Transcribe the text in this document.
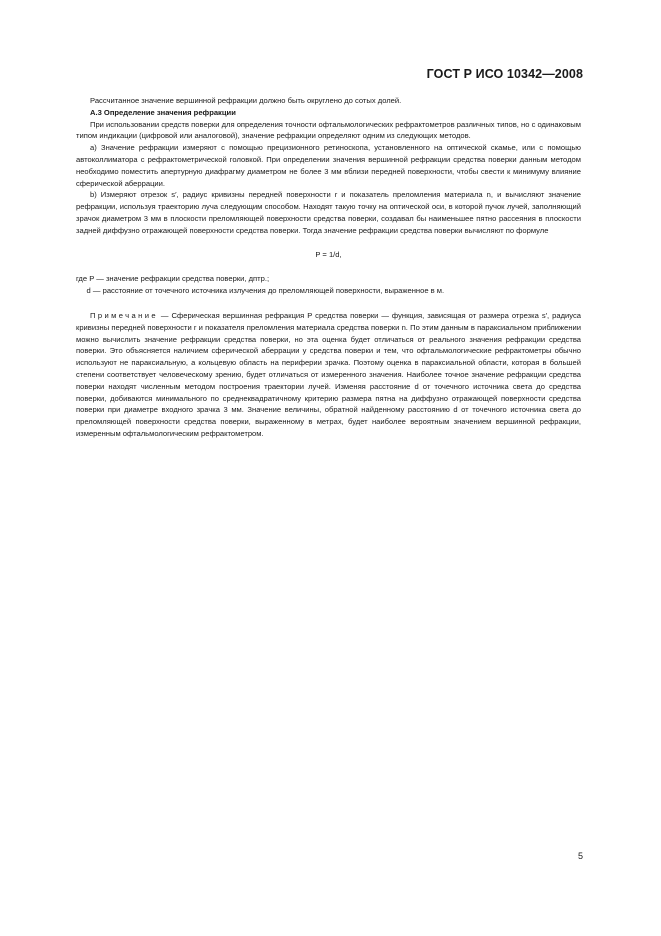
ГОСТ Р ИСО 10342—2008

Рассчитанное значение вершинной рефракции должно быть округлено до сотых долей.

А.3 Определение значения рефракции

При использовании средств поверки для определения точности офтальмологических рефрактометров различных типов, но с одинаковым типом индикации (цифровой или аналоговой), значение рефракции определяют одним из следующих методов.

а) Значение рефракции измеряют с помощью прецизионного ретиноскопа, установленного на оптической скамье, или с помощью автоколлиматора с рефрактометрической головкой. При определении значения вершинной рефракции средства поверки данным методом необходимо поместить апертурную диафрагму диаметром не более 3 мм вблизи передней поверхности, чтобы свести к минимуму влияние сферической аберрации.

b) Измеряют отрезок s′, радиус кривизны передней поверхности r и показатель преломления материала n, и вычисляют значение рефракции, используя траекторию луча следующим способом. Находят такую точку на оптической оси, в которой пучок лучей, заполняющий зрачок диаметром 3 мм в плоскости преломляющей поверхности средства поверки, создавал бы наименьшее пятно рассеяния в плоскости задней диффузно отражающей поверхности средства поверки. Тогда значение рефракции средства поверки вычисляют по формуле

P = 1/d,

где P — значение рефракции средства поверки, дптр.;
d — расстояние от точечного источника излучения до преломляющей поверхности, выраженное в м.

Примечание — Сферическая вершинная рефракция P средства поверки — функция, зависящая от размера отрезка s′, радиуса кривизны передней поверхности r и показателя преломления материала средства поверки n. По этим данным в параксиальном приближении можно вычислить значение рефракции средства поверки, но эта оценка будет отличаться от реального значения рефракции средства поверки. Это объясняется наличием сферической аберрации у средства поверки и тем, что офтальмологические рефрактометры обычно используют не параксиальную, а кольцевую область на периферии зрачка. Поэтому оценка в параксиальной области, которая в большей степени соответствует человеческому зрению, будет отличаться от измеренного значения. Наиболее точное значение рефракции средства поверки находят численным методом построения траектории лучей. Изменяя расстояние d от точечного источника света до средства поверки, добиваются минимального по среднеквадратичному критерию размера пятна на диффузно отражающей поверхности средства поверки при диаметре входного зрачка 3 мм. Значение величины, обратной найденному расстоянию d от точечного источника света до преломляющей поверхности средства поверки, выраженному в метрах, будет наиболее вероятным значением вершинной рефракции, измеренным офтальмологическим рефрактометром.

5
